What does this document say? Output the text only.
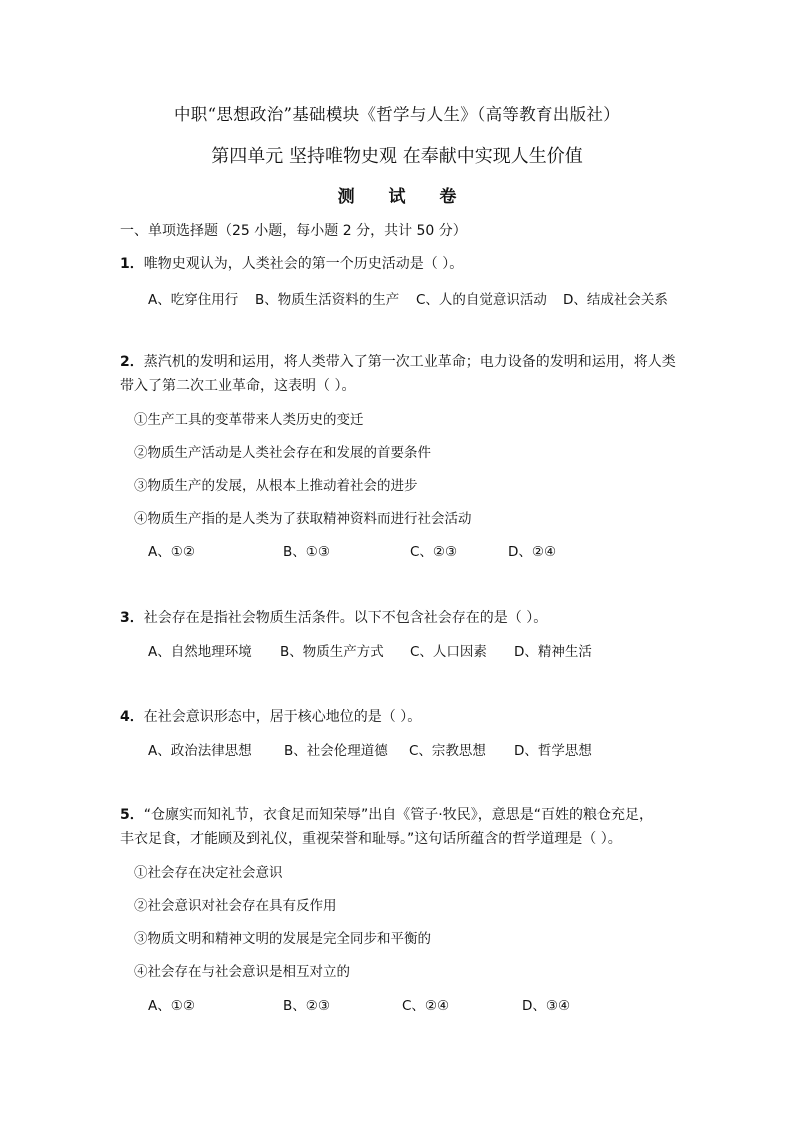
中职“思想政治”基础模块《哲学与人生》（高等教育出版社）
第四单元 坚持唯物史观 在奉献中实现人生价值
测 试 卷
一、单项选择题（25 小题，每小题 2 分，共计 50 分）
1．唯物史观认为，人类社会的第一个历史活动是（ ）。
A、吃穿住用行 B、物质生活资料的生产 C、人的自觉意识活动 D、结成社会关系
2．蒸汽机的发明和运用，将人类带入了第一次工业革命；电力设备的发明和运用，将人类
带入了第二次工业革命，这表明（ ）。
①生产工具的变革带来人类历史的变迁
②物质生产活动是人类社会存在和发展的首要条件
③物质生产的发展，从根本上推动着社会的进步
④物质生产指的是人类为了获取精神资料而进行社会活动
A、①②	B、①③	C、②③	D、②④
3．社会存在是指社会物质生活条件。以下不包含社会存在的是（ ）。
A、自然地理环境 B、物质生产方式 C、人口因素 D、精神生活
4．在社会意识形态中，居于核心地位的是（ ）。
A、政治法律思想 B、社会伦理道德 C、宗教思想 D、哲学思想
5．“仓廪实而知礼节，衣食足而知荣辱”出自《管子·牧民》，意思是“百姓的粮仓充足，
丰衣足食，才能顾及到礼仪，重视荣誉和耻辱。”这句话所蕴含的哲学道理是（ ）。
①社会存在决定社会意识
②社会意识对社会存在具有反作用
③物质文明和精神文明的发展是完全同步和平衡的
④社会存在与社会意识是相互对立的
A、①②	B、②③	C、②④	D、③④
